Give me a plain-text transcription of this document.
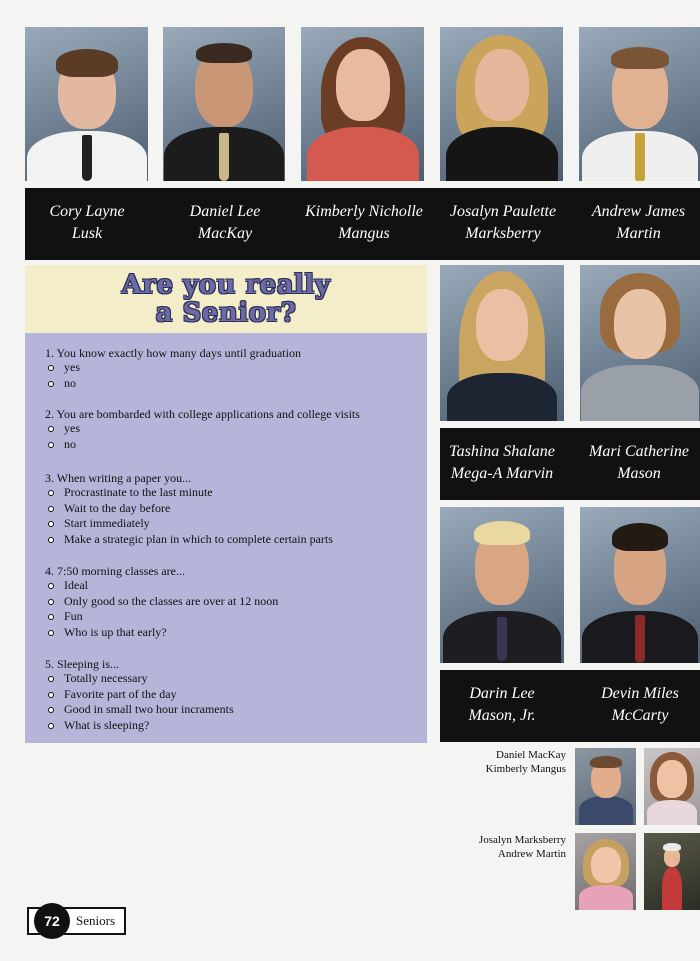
Cory Layne
Lusk
Daniel Lee
MacKay
Kimberly Nicholle
Mangus
Josalyn Paulette
Marksberry
Andrew James
Martin
Are you really
a Senior?
1. You know exactly how many days until graduation
yes
no
2. You are bombarded with college applications and college visits
yes
no
3. When writing a paper you...
Procrastinate to the last minute
Wait to the day before
Start immediately
Make a strategic plan in which to complete certain parts
4. 7:50 morning classes are...
Ideal
Only good so the classes are over at 12 noon
Fun
Who is up that early?
5. Sleeping is...
Totally necessary
Favorite part of the day
Good in small two hour incraments
What is sleeping?
Tashina Shalane
Mega-A Marvin
Mari Catherine
Mason
Darin Lee
Mason, Jr.
Devin Miles
McCarty
Daniel MacKay
Kimberly Mangus
Josalyn Marksberry
Andrew Martin
72	Seniors
